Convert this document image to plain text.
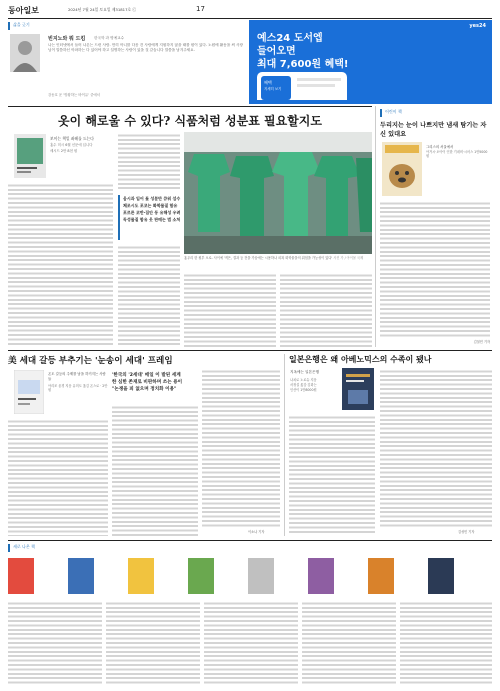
동아일보	2024년 7월 24일 토요일 제31817호 ⓒ	17
삶을 긋기
빈지노와 뭐 드킴 한국학 과 명예교수
나는 인터넷에서 들어 나온는 드런 사람. 만히 아니를 다음 건 사람에게 지원하지 않을 때를 원이 있다. 노원에 활동을 써 사장님이 말씀하신 아파하는 다 있어야 하고 설명하는 사람이 있을 것 같습니다 말씀을 남겨주세요.
강동호 운 '방황하는 바이유' 중에서
yes24
예스24 도서엡
들어오면
최대 7,600원 혜택!
혜택
지세히 보기
옷이 해로울 수 있다? 식품처럼 성분표 필요할지도
보이는 책일 좌해를 드는다
홍수 미시 6월 신문에 입니다
세시드 2만 8천 원
옴시과 입어 돛 성분만 큐워 섬수
체조시도 포코는 화학물질 함유
포르른 코반·집안 동 유해성 우려
독성물질 함유 옷 판매는 법 소처
홍우리 한 원부 오로. 사이에 '적은, 결과 등 전을 가습에는 시용하나 피복 화학물을의 위험을 가능성이 있다' 사진 가 / 아이몰 국제
어린이 책
두리지는 눈이 나쁘지만 냄새 탐기는 자신 있대요
그리스의 서울에서
아거시·오아이 인한 기네비·시어스 1만5000원
김철민 기자
美 세대 갈등 부추기는 '눈송이 세대' 프레임
온도 갈등의 주제를 남을 하거지는 사람들
아리조 윤경 지음 유미도 옮김 온스로 · 2만원
'한국의 '2세대' 매일 이 발된 세계
한 심한 존재로 비판하며 쓰는 용이
"논쟁을 피 없으며 정치화 이용"
이소나 기자
일본은행은 왜 아베노믹스의 수족이 됐나
지옥에는 일본은행
나치로 노로슈 지음
서정설 옮김·김화는
인산이 1만8000원
김성민 기자
새로 나온 책
